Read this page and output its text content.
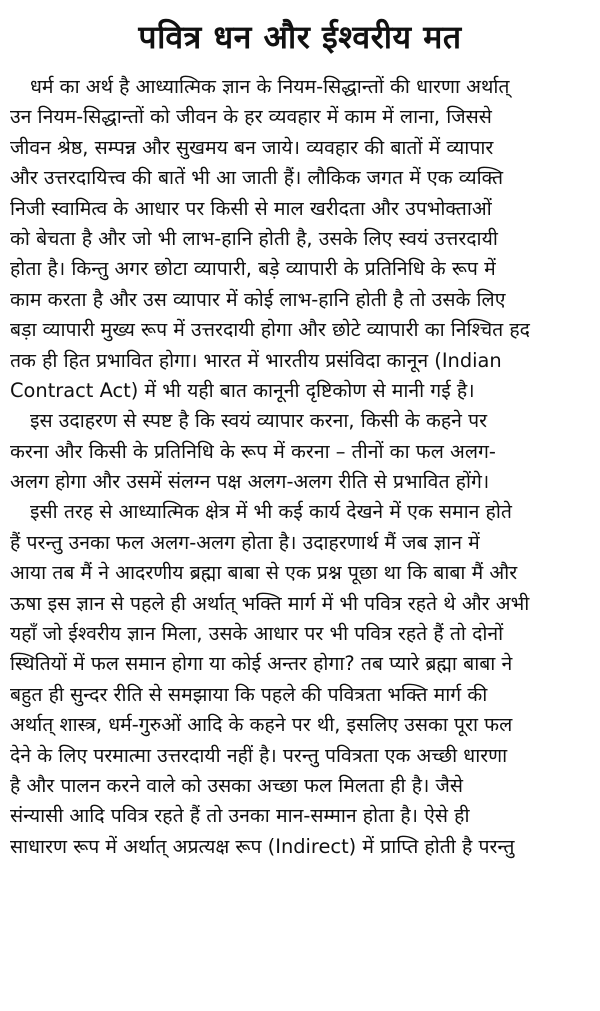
पवित्र धन और ईश्वरीय मत

धर्म का अर्थ है आध्यात्मिक ज्ञान के नियम-सिद्धान्तों की धारणा अर्थात्
उन नियम-सिद्धान्तों को जीवन के हर व्यवहार में काम में लाना, जिससे
जीवन श्रेष्ठ, सम्पन्न और सुखमय बन जाये। व्यवहार की बातों में व्यापार
और उत्तरदायित्त्व की बातें भी आ जाती हैं। लौकिक जगत में एक व्यक्ति
निजी स्वामित्व के आधार पर किसी से माल खरीदता और उपभोक्ताओं
को बेचता है और जो भी लाभ-हानि होती है, उसके लिए स्वयं उत्तरदायी
होता है। किन्तु अगर छोटा व्यापारी, बड़े व्यापारी के प्रतिनिधि के रूप में
काम करता है और उस व्यापार में कोई लाभ-हानि होती है तो उसके लिए
बड़ा व्यापारी मुख्य रूप में उत्तरदायी होगा और छोटे व्यापारी का निश्चित हद
तक ही हित प्रभावित होगा। भारत में भारतीय प्रसंविदा कानून (Indian
Contract Act) में भी यही बात कानूनी दृष्टिकोण से मानी गई है।

इस उदाहरण से स्पष्ट है कि स्वयं व्यापार करना, किसी के कहने पर
करना और किसी के प्रतिनिधि के रूप में करना – तीनों का फल अलग-
अलग होगा और उसमें संलग्न पक्ष अलग-अलग रीति से प्रभावित होंगे।

इसी तरह से आध्यात्मिक क्षेत्र में भी कई कार्य देखने में एक समान होते
हैं परन्तु उनका फल अलग-अलग होता है। उदाहरणार्थ मैं जब ज्ञान में
आया तब मैं ने आदरणीय ब्रह्मा बाबा से एक प्रश्न पूछा था कि बाबा मैं और
ऊषा इस ज्ञान से पहले ही अर्थात् भक्ति मार्ग में भी पवित्र रहते थे और अभी
यहाँ जो ईश्वरीय ज्ञान मिला, उसके आधार पर भी पवित्र रहते हैं तो दोनों
स्थितियों में फल समान होगा या कोई अन्तर होगा? तब प्यारे ब्रह्मा बाबा ने
बहुत ही सुन्दर रीति से समझाया कि पहले की पवित्रता भक्ति मार्ग की
अर्थात् शास्त्र, धर्म-गुरुओं आदि के कहने पर थी, इसलिए उसका पूरा फल
देने के लिए परमात्मा उत्तरदायी नहीं है। परन्तु पवित्रता एक अच्छी धारणा
है और पालन करने वाले को उसका अच्छा फल मिलता ही है। जैसे
संन्यासी आदि पवित्र रहते हैं तो उनका मान-सम्मान होता है। ऐसे ही
साधारण रूप में अर्थात् अप्रत्यक्ष रूप (Indirect) में प्राप्ति होती है परन्तु
